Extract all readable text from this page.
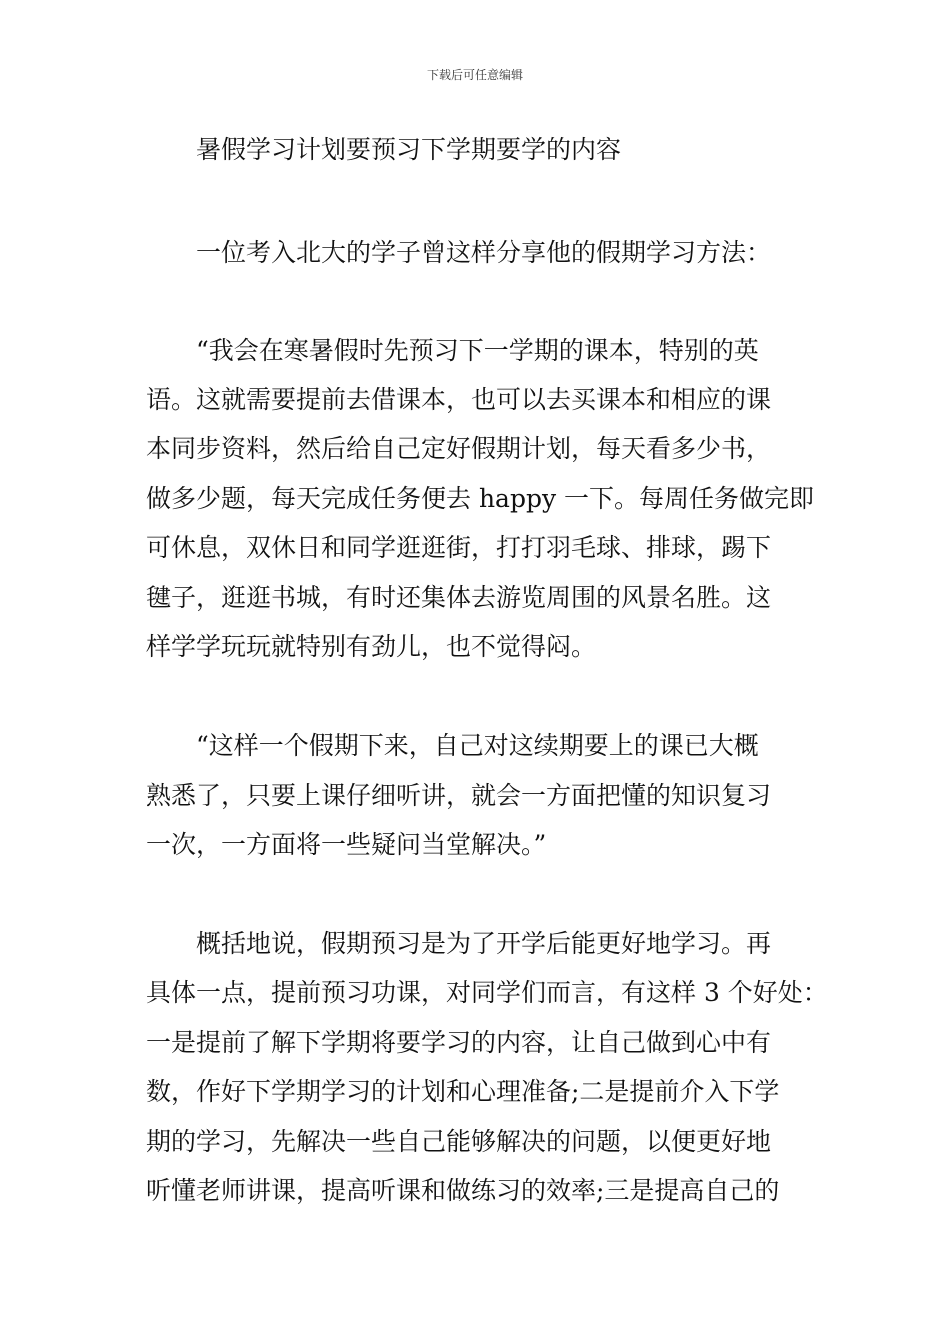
下载后可任意编辑
暑假学习计划要预习下学期要学的内容
一位考入北大的学子曾这样分享他的假期学习方法：
“我会在寒暑假时先预习下一学期的课本，特别的英
语。这就需要提前去借课本，也可以去买课本和相应的课
本同步资料，然后给自己定好假期计划，每天看多少书，
做多少题，每天完成任务便去 happy 一下。每周任务做完即
可休息，双休日和同学逛逛街，打打羽毛球、排球，踢下
毽子，逛逛书城，有时还集体去游览周围的风景名胜。这
样学学玩玩就特别有劲儿，也不觉得闷。
“这样一个假期下来，自己对这续期要上的课已大概
熟悉了，只要上课仔细听讲，就会一方面把懂的知识复习
一次，一方面将一些疑问当堂解决。”
概括地说，假期预习是为了开学后能更好地学习。再
具体一点，提前预习功课，对同学们而言，有这样 3 个好处：
一是提前了解下学期将要学习的内容，让自己做到心中有
数，作好下学期学习的计划和心理准备;二是提前介入下学
期的学习，先解决一些自己能够解决的问题，以便更好地
听懂老师讲课，提高听课和做练习的效率;三是提高自己的
